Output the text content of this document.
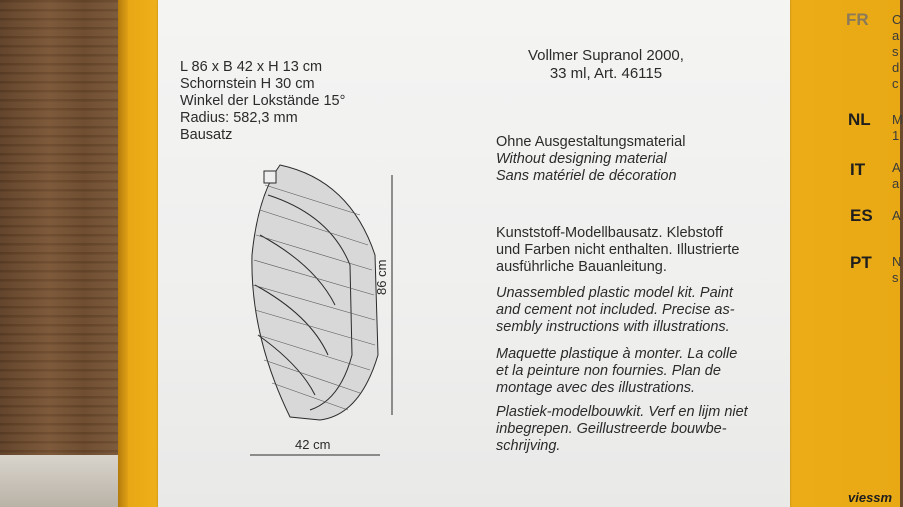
L 86 x B 42 x H 13 cm
Schornstein H 30 cm
Winkel der Lokstände 15°
Radius: 582,3 mm
Bausatz
Vollmer Supranol 2000,
33 ml, Art. 46115
Ohne Ausgestaltungsmaterial
Without designing material
Sans matériel de décoration
Kunststoff-Modellbausatz. Klebstoff
und Farben nicht enthalten. Illustrierte
ausführliche Bauanleitung.
Unassembled plastic model kit. Paint
and cement not included. Precise as-
sembly instructions with illustrations.
Maquette plastique à monter. La colle
et la peinture non fournies. Plan de
montage avec des illustrations.
Plastiek-modelbouwkit. Verf en lijm niet
inbegrepen. Geillustreerde bouwbe-
schrijving.
86 cm
42 cm
FR
NL
IT
ES
PT
C
a
s
d
c
M
1
A
a
A
N
s
viessm
